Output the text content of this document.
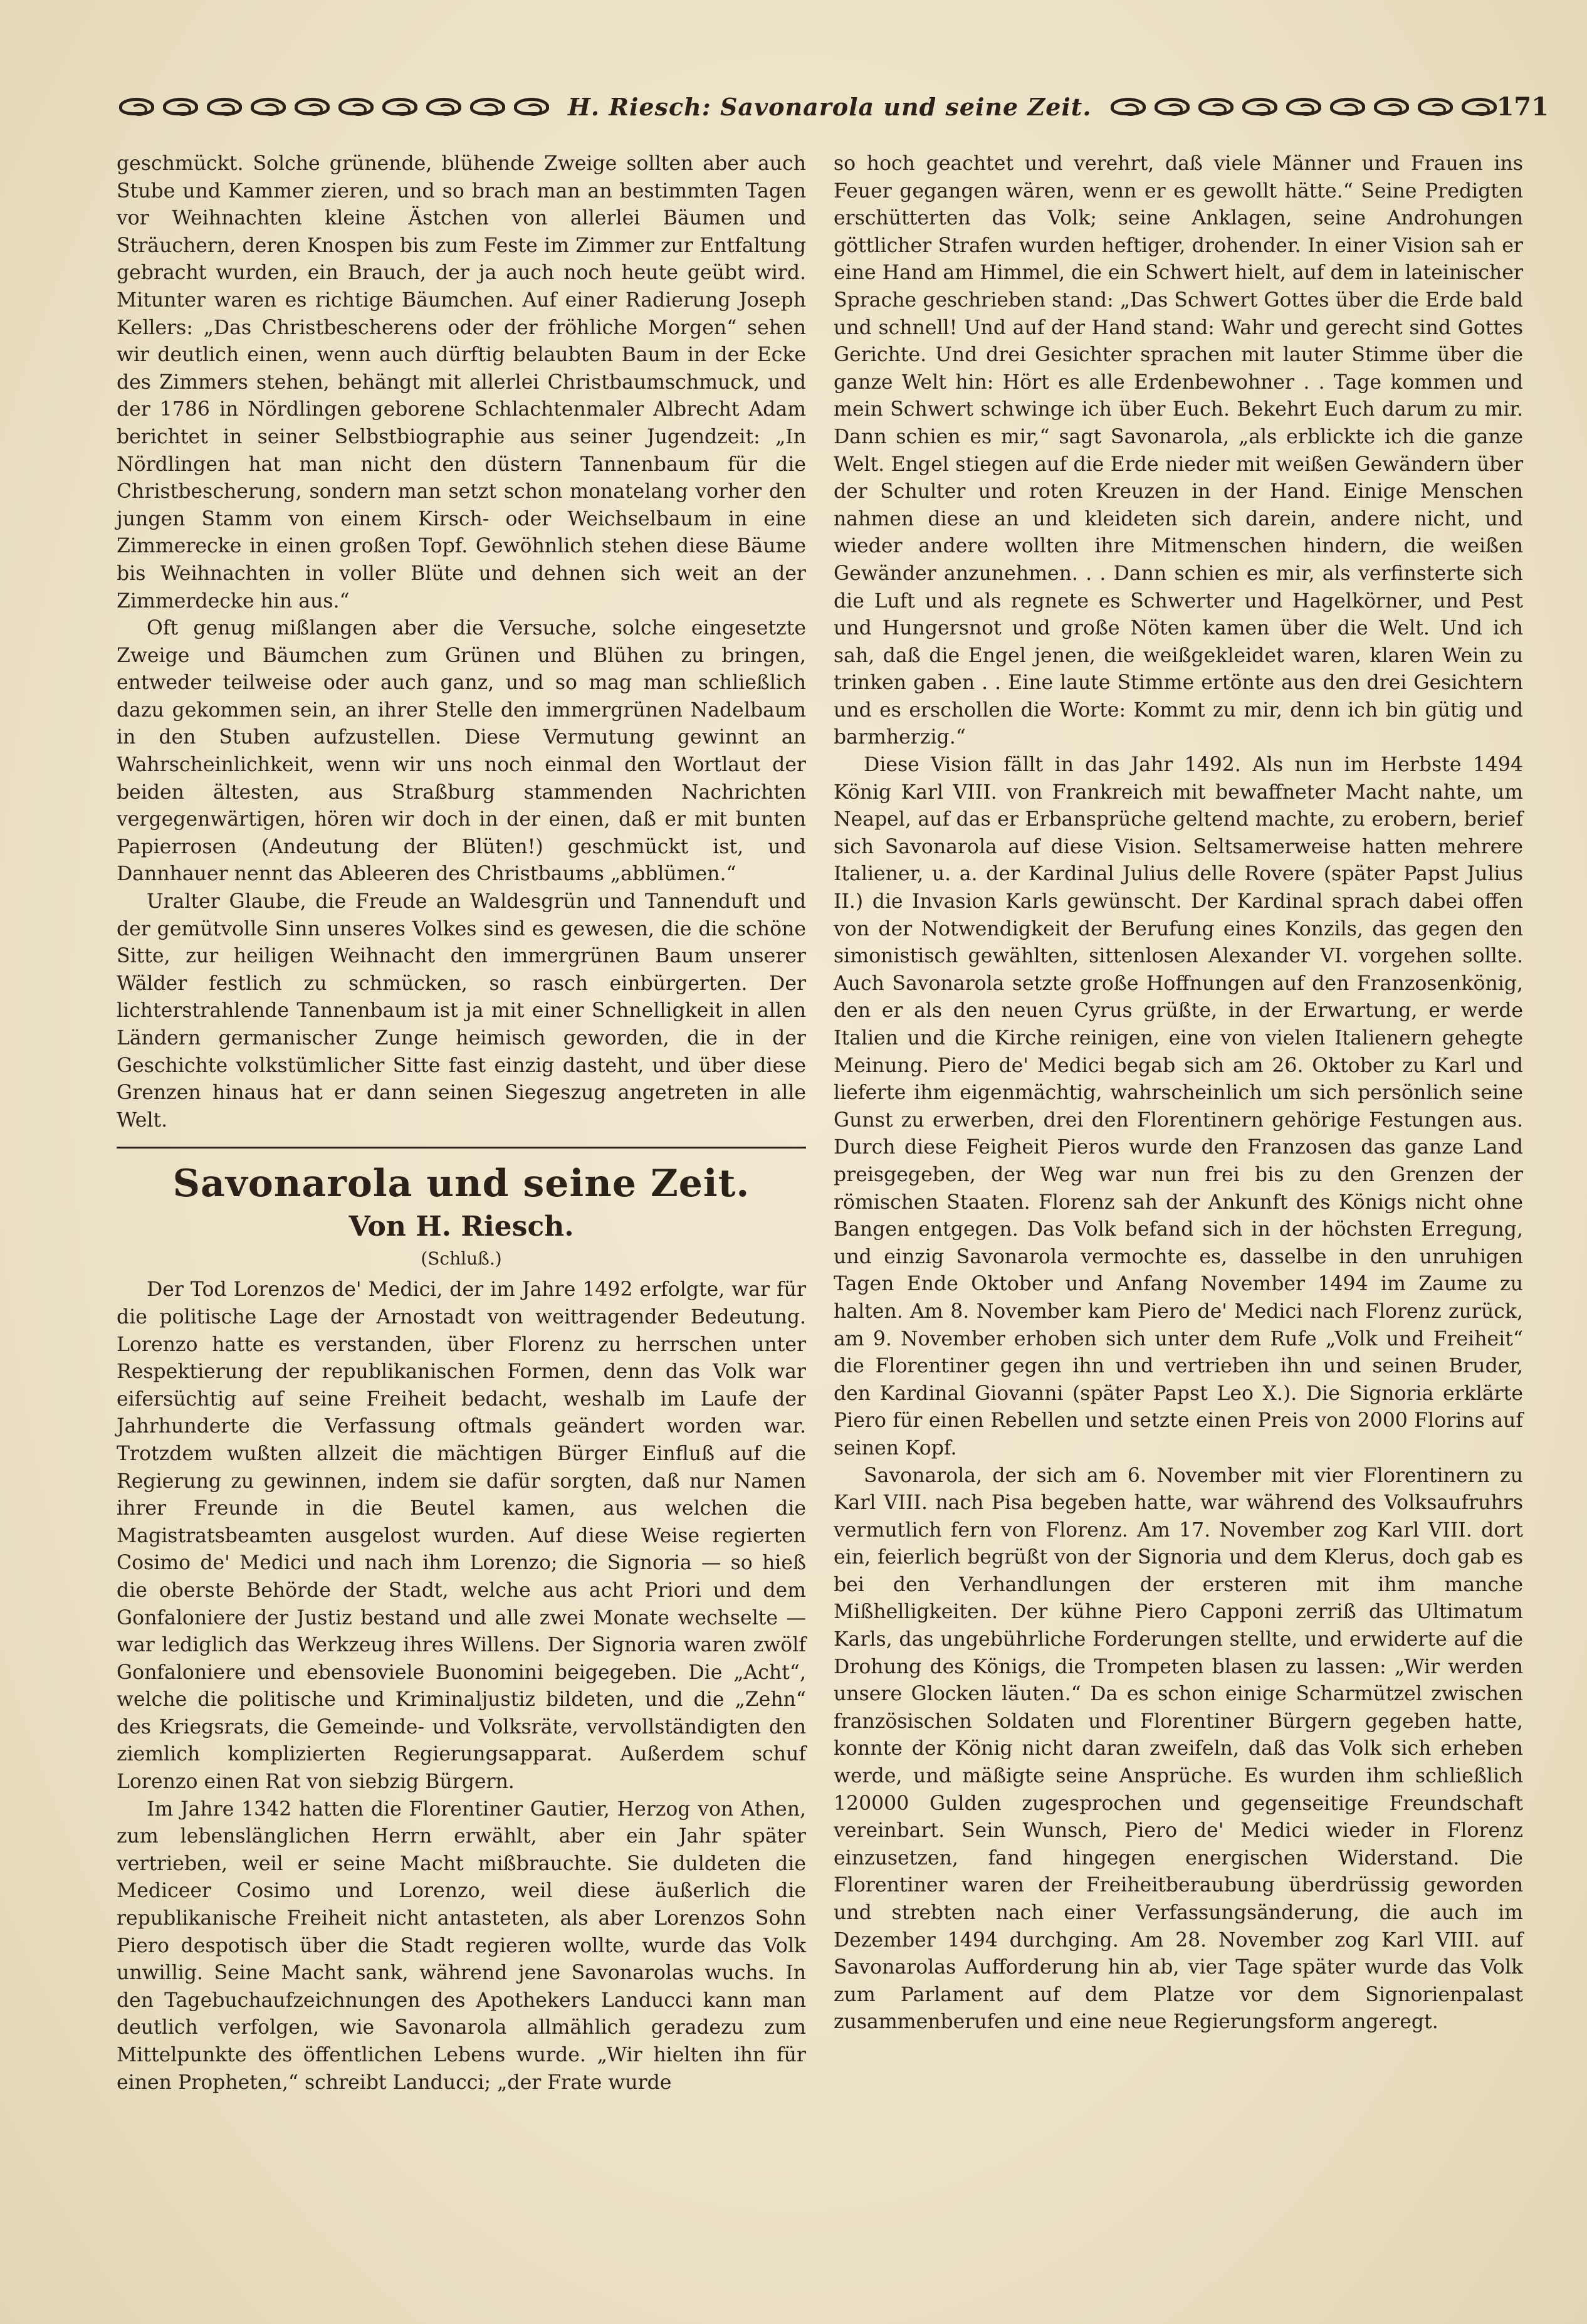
H. Riesch: Savonarola und seine Zeit.	171

geschmückt. Solche grünende, blühende Zweige sollten aber auch Stube und Kammer zieren, und so brach man an bestimmten Tagen vor Weihnachten kleine Ästchen von allerlei Bäumen und Sträuchern, deren Knospen bis zum Feste im Zimmer zur Entfaltung gebracht wurden, ein Brauch, der ja auch noch heute geübt wird. Mitunter waren es richtige Bäumchen. Auf einer Radierung Joseph Kellers: „Das Christbescherens oder der fröhliche Morgen“ sehen wir deutlich einen, wenn auch dürftig belaubten Baum in der Ecke des Zimmers stehen, behängt mit allerlei Christbaumschmuck, und der 1786 in Nördlingen geborene Schlachtenmaler Albrecht Adam berichtet in seiner Selbstbiographie aus seiner Jugendzeit: „In Nördlingen hat man nicht den düstern Tannenbaum für die Christbescherung, sondern man setzt schon monatelang vorher den jungen Stamm von einem Kirsch- oder Weichselbaum in eine Zimmerecke in einen großen Topf. Gewöhnlich stehen diese Bäume bis Weihnachten in voller Blüte und dehnen sich weit an der Zimmerdecke hin aus.“

Oft genug mißlangen aber die Versuche, solche eingesetzte Zweige und Bäumchen zum Grünen und Blühen zu bringen, entweder teilweise oder auch ganz, und so mag man schließlich dazu gekommen sein, an ihrer Stelle den immergrünen Nadelbaum in den Stuben aufzustellen. Diese Vermutung gewinnt an Wahrscheinlichkeit, wenn wir uns noch einmal den Wortlaut der beiden ältesten, aus Straßburg stammenden Nachrichten vergegenwärtigen, hören wir doch in der einen, daß er mit bunten Papierrosen (Andeutung der Blüten!) geschmückt ist, und Dannhauer nennt das Ableeren des Christbaums „abblümen.“

Uralter Glaube, die Freude an Waldesgrün und Tannenduft und der gemütvolle Sinn unseres Volkes sind es gewesen, die die schöne Sitte, zur heiligen Weihnacht den immergrünen Baum unserer Wälder festlich zu schmücken, so rasch einbürgerten. Der lichterstrahlende Tannenbaum ist ja mit einer Schnelligkeit in allen Ländern germanischer Zunge heimisch geworden, die in der Geschichte volkstümlicher Sitte fast einzig dasteht, und über diese Grenzen hinaus hat er dann seinen Siegeszug angetreten in alle Welt.

Savonarola und seine Zeit.
Von H. Riesch.
(Schluß.)

Der Tod Lorenzos de' Medici, der im Jahre 1492 erfolgte, war für die politische Lage der Arnostadt von weittragender Bedeutung. Lorenzo hatte es verstanden, über Florenz zu herrschen unter Respektierung der republikanischen Formen, denn das Volk war eifersüchtig auf seine Freiheit bedacht, weshalb im Laufe der Jahrhunderte die Verfassung oftmals geändert worden war. Trotzdem wußten allzeit die mächtigen Bürger Einfluß auf die Regierung zu gewinnen, indem sie dafür sorgten, daß nur Namen ihrer Freunde in die Beutel kamen, aus welchen die Magistratsbeamten ausgelost wurden. Auf diese Weise regierten Cosimo de' Medici und nach ihm Lorenzo; die Signoria — so hieß die oberste Behörde der Stadt, welche aus acht Priori und dem Gonfaloniere der Justiz bestand und alle zwei Monate wechselte — war lediglich das Werkzeug ihres Willens. Der Signoria waren zwölf Gonfaloniere und ebensoviele Buonomini beigegeben. Die „Acht“, welche die politische und Kriminaljustiz bildeten, und die „Zehn“ des Kriegsrats, die Gemeinde- und Volksräte, vervollständigten den ziemlich komplizierten Regierungsapparat. Außerdem schuf Lorenzo einen Rat von siebzig Bürgern.

Im Jahre 1342 hatten die Florentiner Gautier, Herzog von Athen, zum lebenslänglichen Herrn erwählt, aber ein Jahr später vertrieben, weil er seine Macht mißbrauchte. Sie duldeten die Mediceer Cosimo und Lorenzo, weil diese äußerlich die republikanische Freiheit nicht antasteten, als aber Lorenzos Sohn Piero despotisch über die Stadt regieren wollte, wurde das Volk unwillig. Seine Macht sank, während jene Savonarolas wuchs. In den Tagebuchaufzeichnungen des Apothekers Landucci kann man deutlich verfolgen, wie Savonarola allmählich geradezu zum Mittelpunkte des öffentlichen Lebens wurde. „Wir hielten ihn für einen Propheten,“ schreibt Landucci; „der Frate wurde

so hoch geachtet und verehrt, daß viele Männer und Frauen ins Feuer gegangen wären, wenn er es gewollt hätte.“ Seine Predigten erschütterten das Volk; seine Anklagen, seine Androhungen göttlicher Strafen wurden heftiger, drohender. In einer Vision sah er eine Hand am Himmel, die ein Schwert hielt, auf dem in lateinischer Sprache geschrieben stand: „Das Schwert Gottes über die Erde bald und schnell! Und auf der Hand stand: Wahr und gerecht sind Gottes Gerichte. Und drei Gesichter sprachen mit lauter Stimme über die ganze Welt hin: Hört es alle Erdenbewohner . . Tage kommen und mein Schwert schwinge ich über Euch. Bekehrt Euch darum zu mir. Dann schien es mir,“ sagt Savonarola, „als erblickte ich die ganze Welt. Engel stiegen auf die Erde nieder mit weißen Gewändern über der Schulter und roten Kreuzen in der Hand. Einige Menschen nahmen diese an und kleideten sich darein, andere nicht, und wieder andere wollten ihre Mitmenschen hindern, die weißen Gewänder anzunehmen. . . Dann schien es mir, als verfinsterte sich die Luft und als regnete es Schwerter und Hagelkörner, und Pest und Hungersnot und große Nöten kamen über die Welt. Und ich sah, daß die Engel jenen, die weißgekleidet waren, klaren Wein zu trinken gaben . . Eine laute Stimme ertönte aus den drei Gesichtern und es erschollen die Worte: Kommt zu mir, denn ich bin gütig und barmherzig.“

Diese Vision fällt in das Jahr 1492. Als nun im Herbste 1494 König Karl VIII. von Frankreich mit bewaffneter Macht nahte, um Neapel, auf das er Erbansprüche geltend machte, zu erobern, berief sich Savonarola auf diese Vision. Seltsamerweise hatten mehrere Italiener, u. a. der Kardinal Julius delle Rovere (später Papst Julius II.) die Invasion Karls gewünscht. Der Kardinal sprach dabei offen von der Notwendigkeit der Berufung eines Konzils, das gegen den simonistisch gewählten, sittenlosen Alexander VI. vorgehen sollte. Auch Savonarola setzte große Hoffnungen auf den Franzosenkönig, den er als den neuen Cyrus grüßte, in der Erwartung, er werde Italien und die Kirche reinigen, eine von vielen Italienern gehegte Meinung. Piero de' Medici begab sich am 26. Oktober zu Karl und lieferte ihm eigenmächtig, wahrscheinlich um sich persönlich seine Gunst zu erwerben, drei den Florentinern gehörige Festungen aus. Durch diese Feigheit Pieros wurde den Franzosen das ganze Land preisgegeben, der Weg war nun frei bis zu den Grenzen der römischen Staaten. Florenz sah der Ankunft des Königs nicht ohne Bangen entgegen. Das Volk befand sich in der höchsten Erregung, und einzig Savonarola vermochte es, dasselbe in den unruhigen Tagen Ende Oktober und Anfang November 1494 im Zaume zu halten. Am 8. November kam Piero de' Medici nach Florenz zurück, am 9. November erhoben sich unter dem Rufe „Volk und Freiheit“ die Florentiner gegen ihn und vertrieben ihn und seinen Bruder, den Kardinal Giovanni (später Papst Leo X.). Die Signoria erklärte Piero für einen Rebellen und setzte einen Preis von 2000 Florins auf seinen Kopf.

Savonarola, der sich am 6. November mit vier Florentinern zu Karl VIII. nach Pisa begeben hatte, war während des Volksaufruhrs vermutlich fern von Florenz. Am 17. November zog Karl VIII. dort ein, feierlich begrüßt von der Signoria und dem Klerus, doch gab es bei den Verhandlungen der ersteren mit ihm manche Mißhelligkeiten. Der kühne Piero Capponi zerriß das Ultimatum Karls, das ungebührliche Forderungen stellte, und erwiderte auf die Drohung des Königs, die Trompeten blasen zu lassen: „Wir werden unsere Glocken läuten.“ Da es schon einige Scharmützel zwischen französischen Soldaten und Florentiner Bürgern gegeben hatte, konnte der König nicht daran zweifeln, daß das Volk sich erheben werde, und mäßigte seine Ansprüche. Es wurden ihm schließlich 120000 Gulden zugesprochen und gegenseitige Freundschaft vereinbart. Sein Wunsch, Piero de' Medici wieder in Florenz einzusetzen, fand hingegen energischen Widerstand. Die Florentiner waren der Freiheitberaubung überdrüssig geworden und strebten nach einer Verfassungsänderung, die auch im Dezember 1494 durchging. Am 28. November zog Karl VIII. auf Savonarolas Aufforderung hin ab, vier Tage später wurde das Volk zum Parlament auf dem Platze vor dem Signorienpalast zusammenberufen und eine neue Regierungsform angeregt.
